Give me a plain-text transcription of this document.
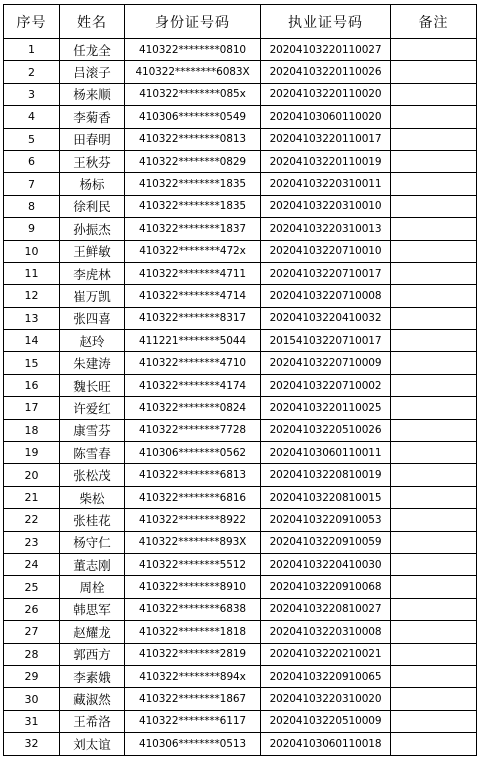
序号	姓名	身份证号码	执业证号码	备注
1	任龙全	410322********0810	20204103220110027	
2	吕滚子	410322********6083X	20204103220110026	
3	杨来顺	410322********085x	20204103220110020	
4	李菊香	410306********0549	20204103060110020	
5	田春明	410322********0813	20204103220110017	
6	王秋芬	410322********0829	20204103220110019	
7	杨标	410322********1835	20204103220310011	
8	徐利民	410322********1835	20204103220310010	
9	孙振杰	410322********1837	20204103220310013	
10	王鲜敏	410322********472x	20204103220710010	
11	李虎林	410322********4711	20204103220710017	
12	崔万凯	410322********4714	20204103220710008	
13	张四喜	410322********8317	20204103220410032	
14	赵玲	411221********5044	20154103220710017	
15	朱建涛	410322********4710	20204103220710009	
16	魏长旺	410322********4174	20204103220710002	
17	许爱红	410322********0824	20204103220110025	
18	康雪芬	410322********7728	20204103220510026	
19	陈雪春	410306********0562	20204103060110011	
20	张松茂	410322********6813	20204103220810019	
21	柴松	410322********6816	20204103220810015	
22	张桂花	410322********8922	20204103220910053	
23	杨守仁	410322********893X	20204103220910059	
24	董志刚	410322********5512	20204103220410030	
25	周栓	410322********8910	20204103220910068	
26	韩思军	410322********6838	20204103220810027	
27	赵耀龙	410322********1818	20204103220310008	
28	郭西方	410322********2819	20204103220210021	
29	李素娥	410322********894x	20204103220910065	
30	藏淑然	410322********1867	20204103220310020	
31	王希洛	410322********6117	20204103220510009	
32	刘太谊	410306********0513	20204103060110018	
